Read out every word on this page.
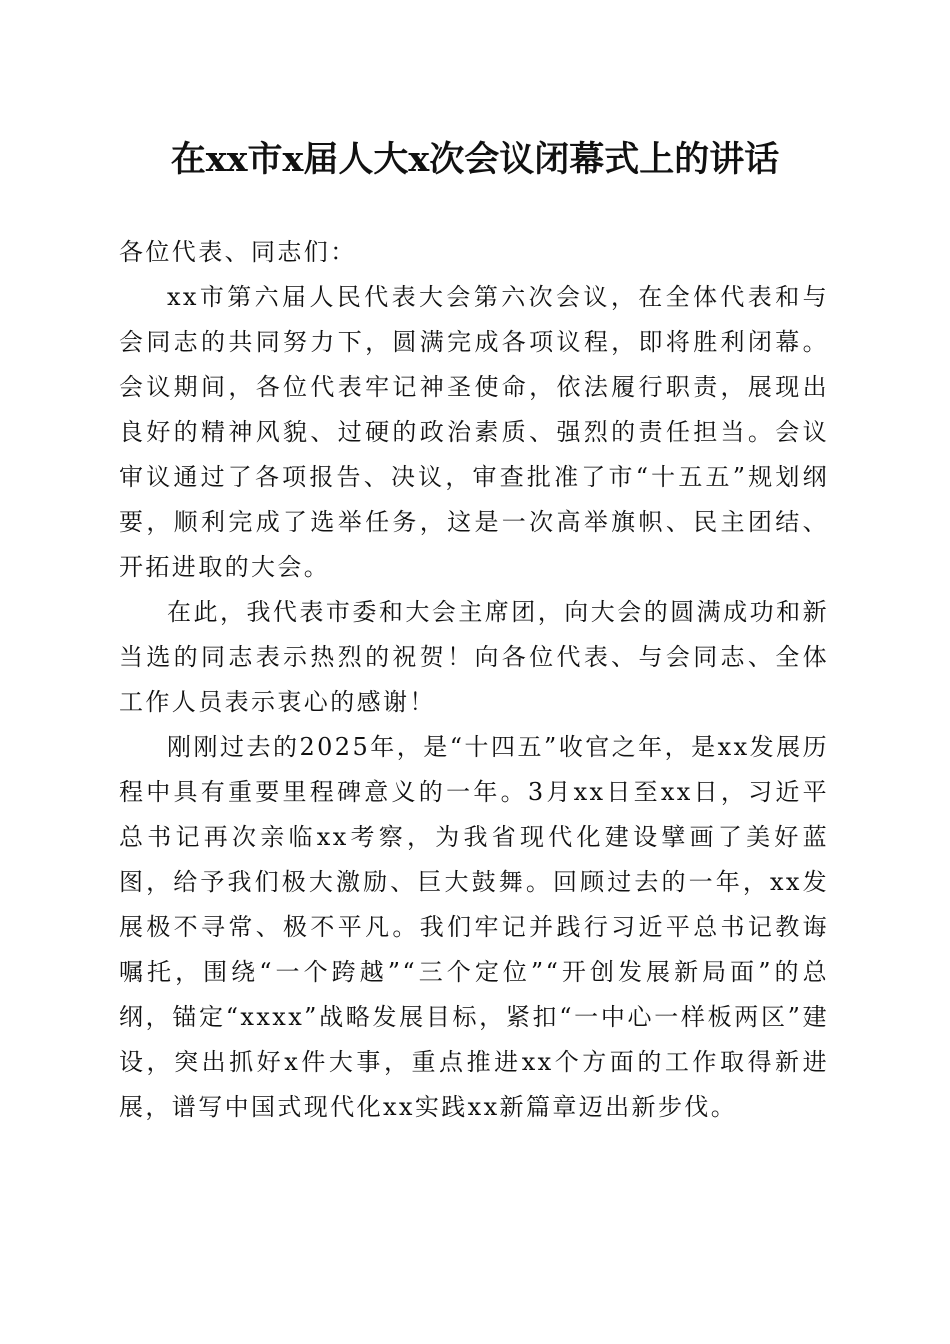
在xx市x届人大x次会议闭幕式上的讲话

各位代表、同志们：

xx市第六届人民代表大会第六次会议，在全体代表和与会同志的共同努力下，圆满完成各项议程，即将胜利闭幕。会议期间，各位代表牢记神圣使命，依法履行职责，展现出良好的精神风貌、过硬的政治素质、强烈的责任担当。会议审议通过了各项报告、决议，审查批准了市“十五五”规划纲要，顺利完成了选举任务，这是一次高举旗帜、民主团结、开拓进取的大会。

在此，我代表市委和大会主席团，向大会的圆满成功和新当选的同志表示热烈的祝贺！向各位代表、与会同志、全体工作人员表示衷心的感谢！

刚刚过去的2025年，是“十四五”收官之年，是xx发展历程中具有重要里程碑意义的一年。3月xx日至xx日，习近平总书记再次亲临xx考察，为我省现代化建设擘画了美好蓝图，给予我们极大激励、巨大鼓舞。回顾过去的一年，xx发展极不寻常、极不平凡。我们牢记并践行习近平总书记教诲嘱托，围绕“一个跨越”“三个定位”“开创发展新局面”的总纲，锚定“xxxx”战略发展目标，紧扣“一中心一样板两区”建设，突出抓好x件大事，重点推进xx个方面的工作取得新进展，谱写中国式现代化xx实践xx新篇章迈出新步伐。
